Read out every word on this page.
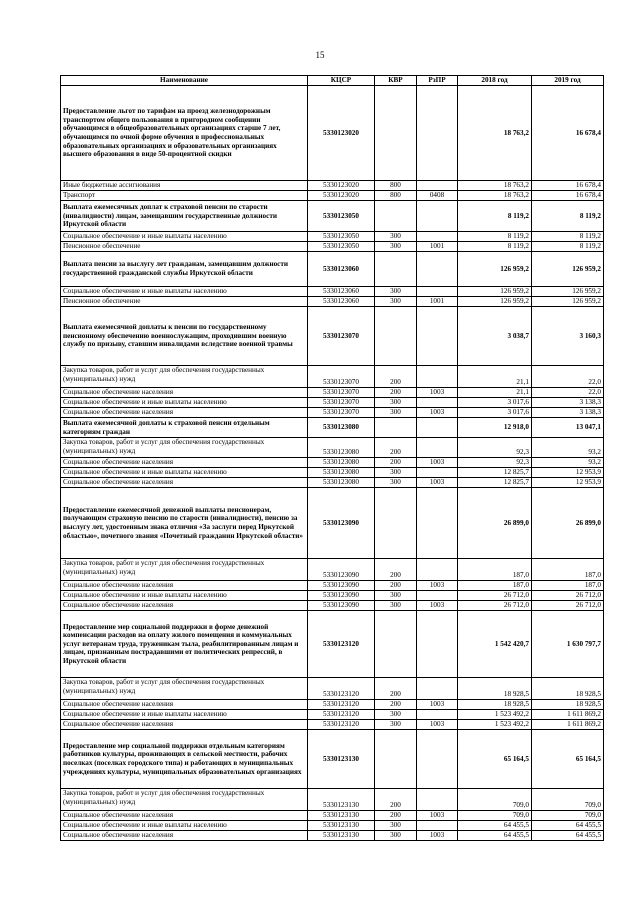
15
Наименование	КЦСР	КВР	РзПР	2018 год	2019 год
Предоставление льгот по тарифам на проезд железнодорожным транспортом общего пользования в пригородном сообщении обучающимся в общеобразовательных организациях старше 7 лет, обучающимся по очной форме обучения в профессиональных образовательных организациях и образовательных организациях высшего образования в виде 50-процентной скидки	5330123020			18 763,2	16 678,4
Иные бюджетные ассигнования	5330123020	800		18 763,2	16 678,4
Транспорт	5330123020	800	0408	18 763,2	16 678,4
Выплата ежемесячных доплат к страховой пенсии по старости (инвалидности) лицам, замещавшим государственные должности Иркутской области	5330123050			8 119,2	8 119,2
Социальное обеспечение и иные выплаты населению	5330123050	300		8 119,2	8 119,2
Пенсионное обеспечение	5330123050	300	1001	8 119,2	8 119,2
Выплата пенсии за выслугу лет гражданам, замещавшим должности государственной гражданской службы Иркутской области	5330123060			126 959,2	126 959,2
Социальное обеспечение и иные выплаты населению	5330123060	300		126 959,2	126 959,2
Пенсионное обеспечение	5330123060	300	1001	126 959,2	126 959,2
Выплата ежемесячной доплаты к пенсии по государственному пенсионному обеспечению военнослужащим, проходившим военную службу по призыву, ставшим инвалидами вследствие военной травмы	5330123070			3 038,7	3 160,3
Закупка товаров, работ и услуг для обеспечения государственных (муниципальных) нужд	5330123070	200		21,1	22,0
Социальное обеспечение населения	5330123070	200	1003	21,1	22,0
Социальное обеспечение и иные выплаты населению	5330123070	300		3 017,6	3 138,3
Социальное обеспечение населения	5330123070	300	1003	3 017,6	3 138,3
Выплата ежемесячной доплаты к страховой пенсии отдельным категориям граждан	5330123080			12 918,0	13 047,1
Закупка товаров, работ и услуг для обеспечения государственных (муниципальных) нужд	5330123080	200		92,3	93,2
Социальное обеспечение населения	5330123080	200	1003	92,3	93,2
Социальное обеспечение и иные выплаты населению	5330123080	300		12 825,7	12 953,9
Социальное обеспечение населения	5330123080	300	1003	12 825,7	12 953,9
Предоставление ежемесячной денежной выплаты пенсионерам, получающим страховую пенсию по старости (инвалидности), пенсию за выслугу лет, удостоенным знака отличия «За заслуги перед Иркутской областью», почетного звания «Почетный гражданин Иркутской области»	5330123090			26 899,0	26 899,0
Закупка товаров, работ и услуг для обеспечения государственных (муниципальных) нужд	5330123090	200		187,0	187,0
Социальное обеспечение населения	5330123090	200	1003	187,0	187,0
Социальное обеспечение и иные выплаты населению	5330123090	300		26 712,0	26 712,0
Социальное обеспечение населения	5330123090	300	1003	26 712,0	26 712,0
Предоставление мер социальной поддержки в форме денежной компенсации расходов на оплату жилого помещения и коммунальных услуг ветеранам труда, труженикам тыла, реабилитированным лицам и лицам, признанным пострадавшими от политических репрессий, в Иркутской области	5330123120			1 542 420,7	1 630 797,7
Закупка товаров, работ и услуг для обеспечения государственных (муниципальных) нужд	5330123120	200		18 928,5	18 928,5
Социальное обеспечение населения	5330123120	200	1003	18 928,5	18 928,5
Социальное обеспечение и иные выплаты населению	5330123120	300		1 523 492,2	1 611 869,2
Социальное обеспечение населения	5330123120	300	1003	1 523 492,2	1 611 869,2
Предоставление мер социальной поддержки отдельным категориям работников культуры, проживающих в сельской местности, рабочих поселках (поселках городского типа) и работающих в муниципальных учреждениях культуры, муниципальных образовательных организациях	5330123130			65 164,5	65 164,5
Закупка товаров, работ и услуг для обеспечения государственных (муниципальных) нужд	5330123130	200		709,0	709,0
Социальное обеспечение населения	5330123130	200	1003	709,0	709,0
Социальное обеспечение и иные выплаты населению	5330123130	300		64 455,5	64 455,5
Социальное обеспечение населения	5330123130	300	1003	64 455,5	64 455,5
